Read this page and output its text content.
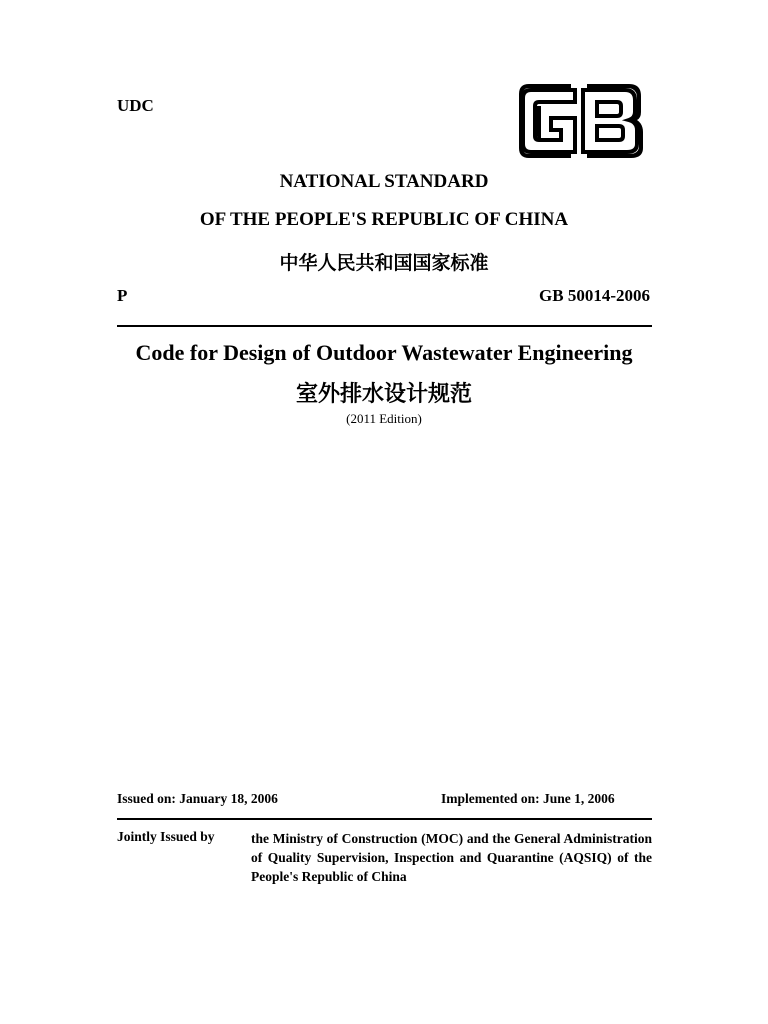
UDC
NATIONAL STANDARD
OF THE PEOPLE'S REPUBLIC OF CHINA
中华人民共和国国家标准
P	GB 50014-2006
Code for Design of Outdoor Wastewater Engineering
室外排水设计规范
(2011 Edition)
Issued on: January 18, 2006	Implemented on: June 1, 2006
Jointly Issued by	the Ministry of Construction (MOC) and the General Administration of Quality Supervision, Inspection and Quarantine (AQSIQ) of the People's Republic of China
